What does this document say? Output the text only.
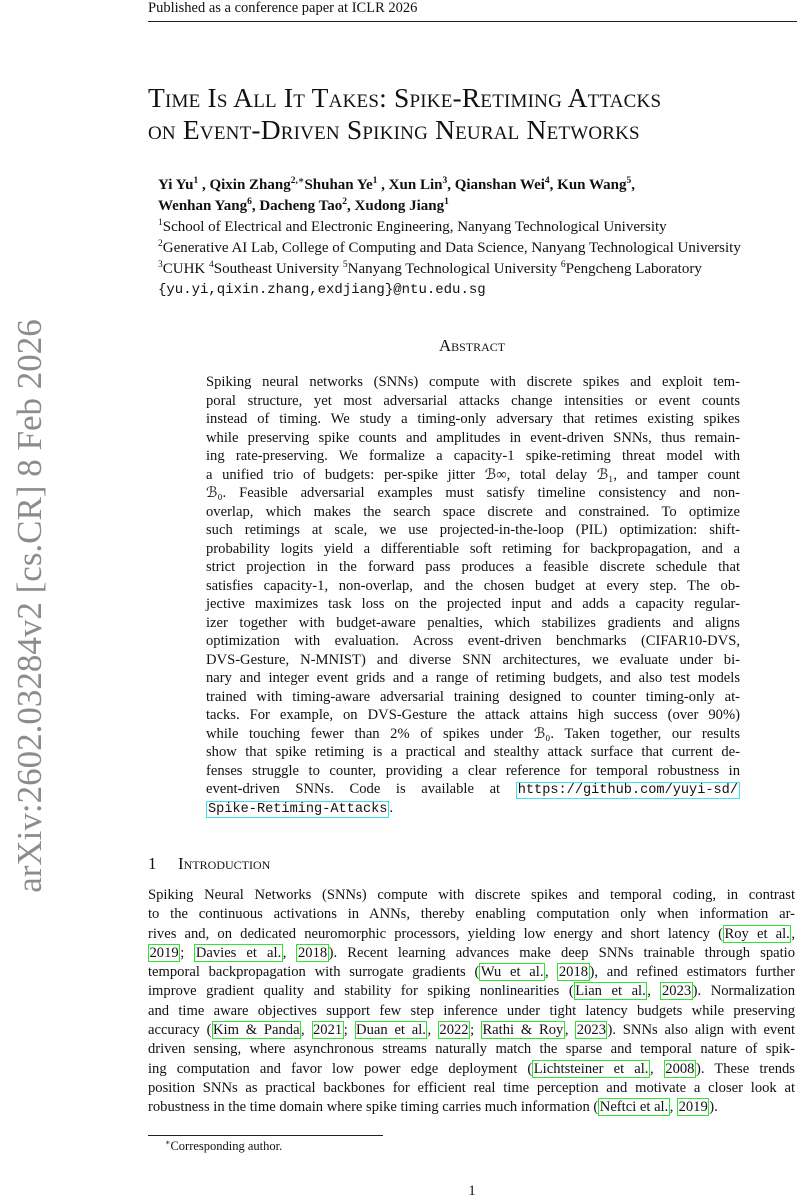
Published as a conference paper at ICLR 2026
arXiv:2602.03284v2 [cs.CR] 8 Feb 2026
Time Is All It Takes: Spike-Retiming Attacks
on Event-Driven Spiking Neural Networks
Yi Yu$^1$ , Qixin Zhang$^{2,∗}$Shuhan Ye$^1$ , Xun Lin$^3$, Qianshan Wei$^4$, Kun Wang$^5$,
Wenhan Yang$^6$, Dacheng Tao$^2$, Xudong Jiang$^1$
$^1$School of Electrical and Electronic Engineering, Nanyang Technological University
$^2$Generative AI Lab, College of Computing and Data Science, Nanyang Technological University
$^3$CUHK $^4$Southeast University $^5$Nanyang Technological University $^6$Pengcheng Laboratory
{yu.yi,qixin.zhang,exdjiang}@ntu.edu.sg
Abstract
Spiking neural networks (SNNs) compute with discrete spikes and exploit tem-
poral structure, yet most adversarial attacks change intensities or event counts
instead of timing. We study a timing-only adversary that retimes existing spikes
while preserving spike counts and amplitudes in event-driven SNNs, thus remain-
ing rate-preserving. We formalize a capacity-1 spike-retiming threat model with
a unified trio of budgets: per-spike jitter ℬ∞, total delay ℬ₁, and tamper count
ℬ₀. Feasible adversarial examples must satisfy timeline consistency and non-
overlap, which makes the search space discrete and constrained. To optimize
such retimings at scale, we use projected-in-the-loop (PIL) optimization: shift-
probability logits yield a differentiable soft retiming for backpropagation, and a
strict projection in the forward pass produces a feasible discrete schedule that
satisfies capacity-1, non-overlap, and the chosen budget at every step. The ob-
jective maximizes task loss on the projected input and adds a capacity regular-
izer together with budget-aware penalties, which stabilizes gradients and aligns
optimization with evaluation. Across event-driven benchmarks (CIFAR10-DVS,
DVS-Gesture, N-MNIST) and diverse SNN architectures, we evaluate under bi-
nary and integer event grids and a range of retiming budgets, and also test models
trained with timing-aware adversarial training designed to counter timing-only at-
tacks. For example, on DVS-Gesture the attack attains high success (over 90%)
while touching fewer than 2% of spikes under ℬ₀. Taken together, our results
show that spike retiming is a practical and stealthy attack surface that current de-
fenses struggle to counter, providing a clear reference for temporal robustness in
event-driven SNNs. Code is available at https://github.com/yuyi-sd/
Spike-Retiming-Attacks .
1 Introduction
Spiking Neural Networks (SNNs) compute with discrete spikes and temporal coding, in contrast
to the continuous activations in ANNs, thereby enabling computation only when information ar-
rives and, on dedicated neuromorphic processors, yielding low energy and short latency ( Roy et al. ,
2019 ; Davies et al. , 2018 ). Recent learning advances make deep SNNs trainable through spatio
temporal backpropagation with surrogate gradients ( Wu et al. , 2018 ), and refined estimators further
improve gradient quality and stability for spiking nonlinearities ( Lian et al. , 2023 ). Normalization
and time aware objectives support few step inference under tight latency budgets while preserving
accuracy ( Kim & Panda , 2021 ; Duan et al. , 2022 ; Rathi & Roy , 2023 ). SNNs also align with event
driven sensing, where asynchronous streams naturally match the sparse and temporal nature of spik-
ing computation and favor low power edge deployment ( Lichtsteiner et al. , 2008 ). These trends
position SNNs as practical backbones for efficient real time perception and motivate a closer look at
robustness in the time domain where spike timing carries much information ( Neftci et al. , 2019 ).
∗Corresponding author.
1
